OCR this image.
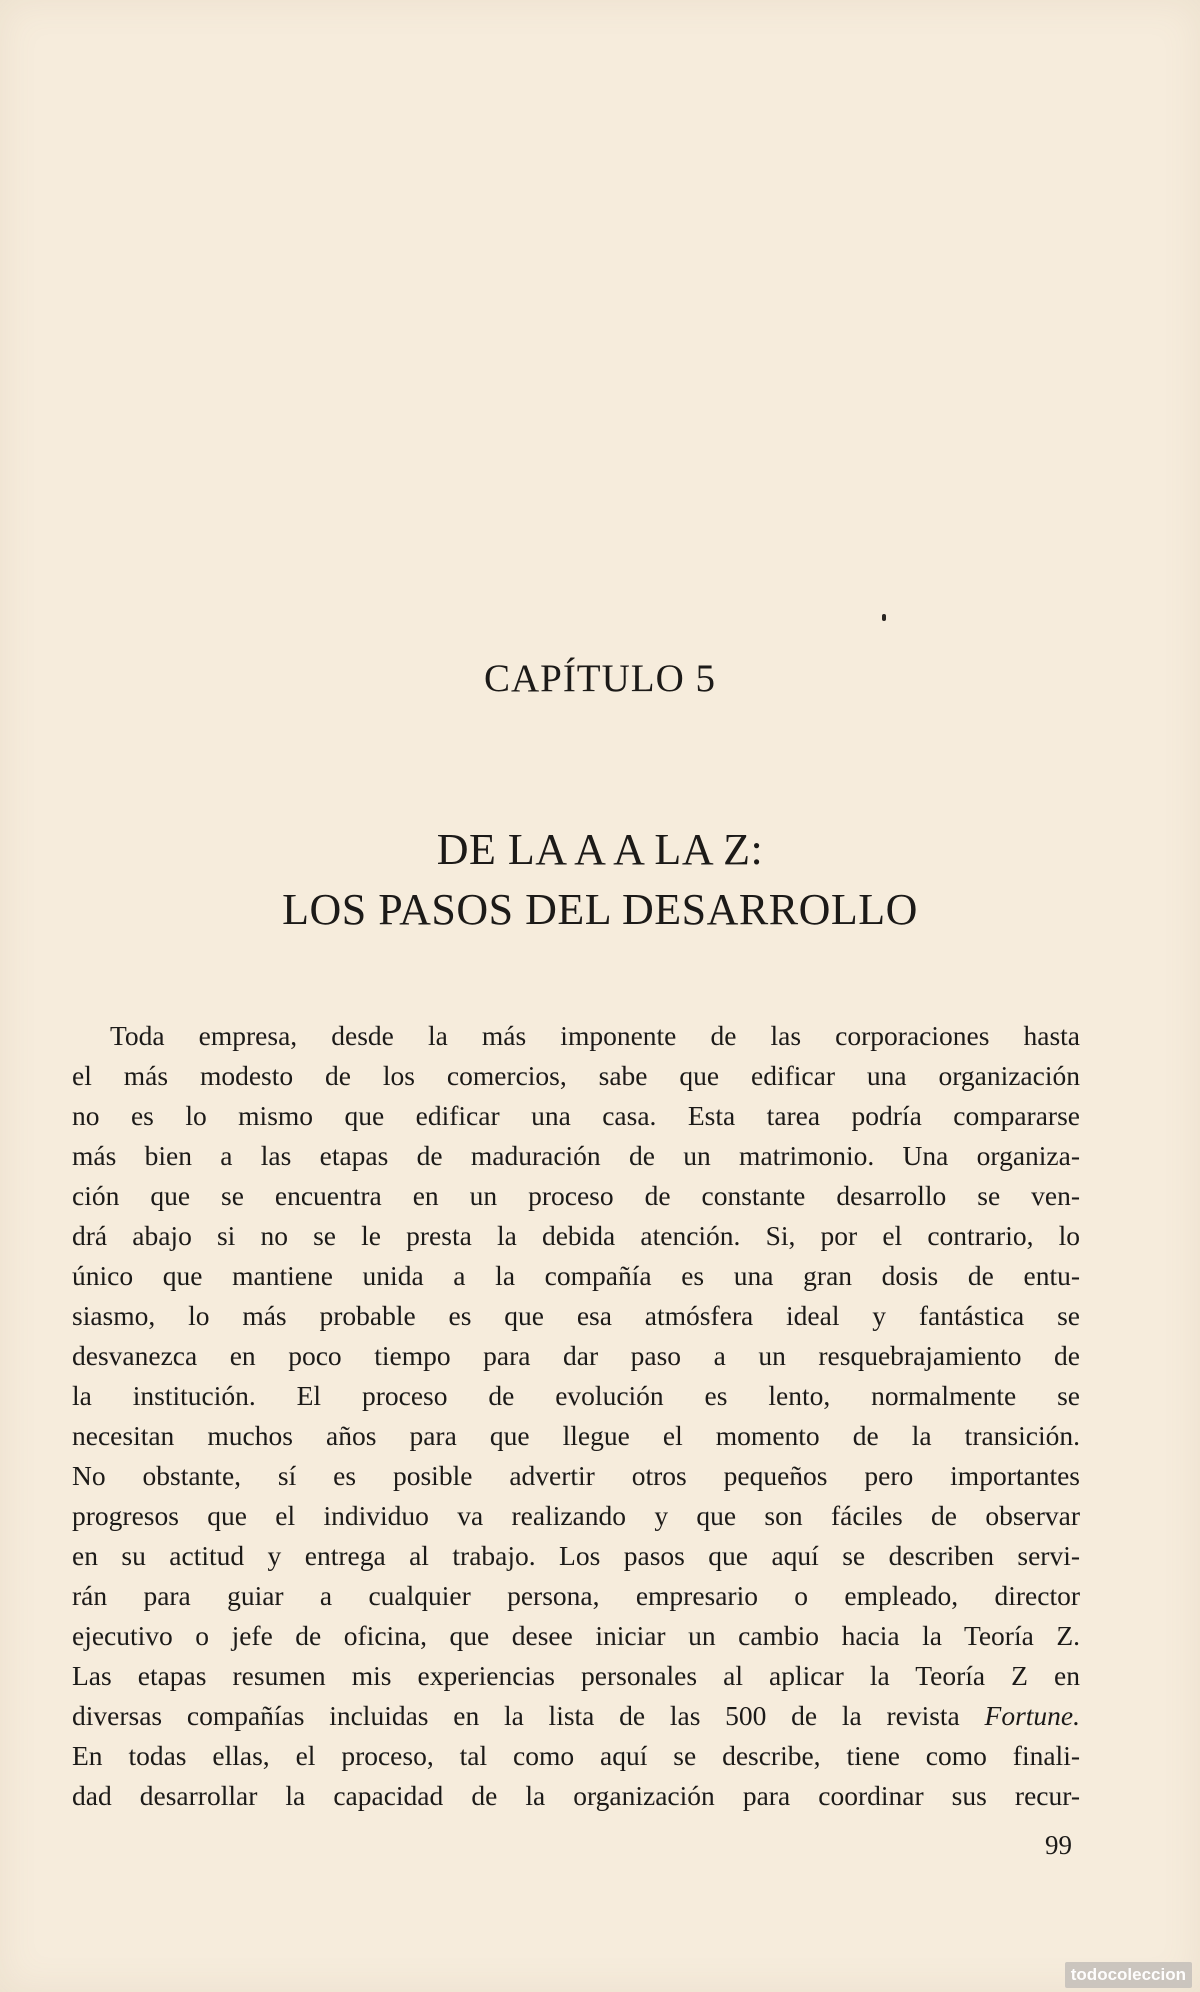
CAPÍTULO 5
DE LA A A LA Z:
LOS PASOS DEL DESARROLLO
Toda empresa, desde la más imponente de las corporaciones hasta
el más modesto de los comercios, sabe que edificar una organización
no es lo mismo que edificar una casa. Esta tarea podría compararse
más bien a las etapas de maduración de un matrimonio. Una organiza-
ción que se encuentra en un proceso de constante desarrollo se ven-
drá abajo si no se le presta la debida atención. Si, por el contrario, lo
único que mantiene unida a la compañía es una gran dosis de entu-
siasmo, lo más probable es que esa atmósfera ideal y fantástica se
desvanezca en poco tiempo para dar paso a un resquebrajamiento de
la institución. El proceso de evolución es lento, normalmente se
necesitan muchos años para que llegue el momento de la transición.
No obstante, sí es posible advertir otros pequeños pero importantes
progresos que el individuo va realizando y que son fáciles de observar
en su actitud y entrega al trabajo. Los pasos que aquí se describen servi-
rán para guiar a cualquier persona, empresario o empleado, director
ejecutivo o jefe de oficina, que desee iniciar un cambio hacia la Teoría Z.
Las etapas resumen mis experiencias personales al aplicar la Teoría Z en
diversas compañías incluidas en la lista de las 500 de la revista Fortune.
En todas ellas, el proceso, tal como aquí se describe, tiene como finali-
dad desarrollar la capacidad de la organización para coordinar sus recur-

99

todocoleccion
